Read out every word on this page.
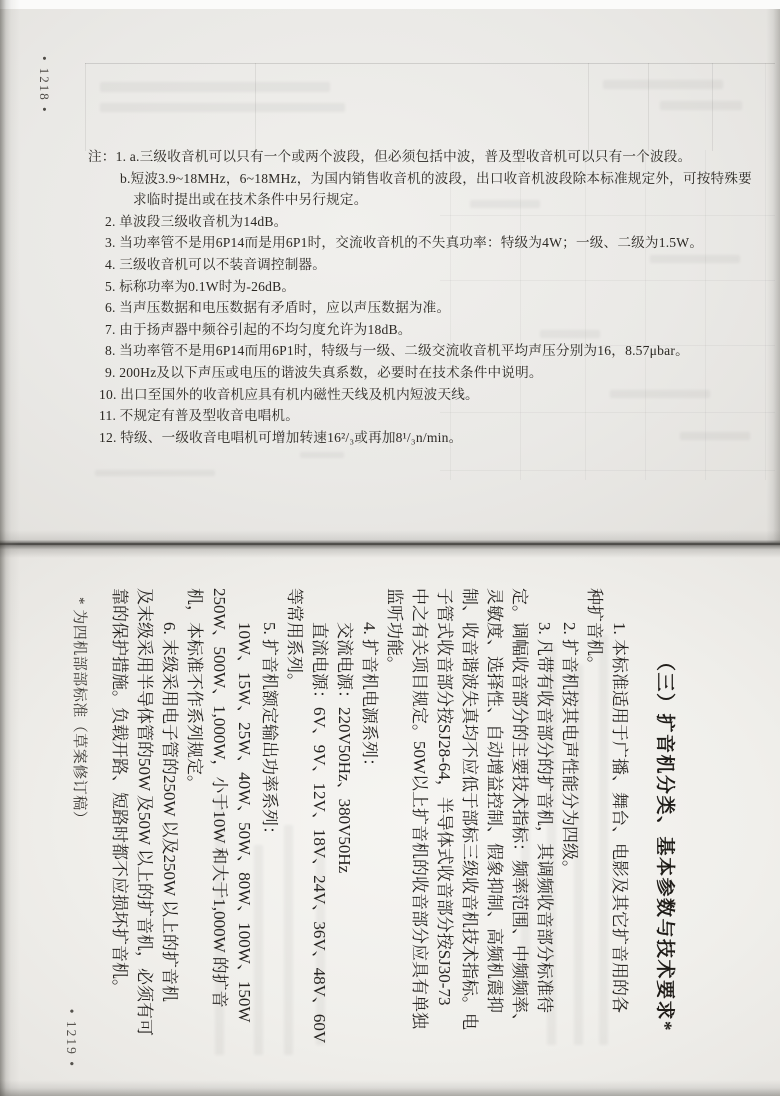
• 1218 •
注：1. a.三级收音机可以只有一个或两个波段，但必须包括中波，普及型收音机可以只有一个波段。
b.短波3.9~18MHz，6~18MHz，为国内销售收音机的波段，出口收音机波段除本标准规定外，可按特殊要
求临时提出或在技术条件中另行规定。
2. 单波段三级收音机为14dB。
3. 当功率管不是用6P14而是用6P1时，交流收音机的不失真功率：特级为4W；一级、二级为1.5W。
4. 三级收音机可以不装音调控制器。
5. 标称功率为0.1W时为-26dB。
6. 当声压数据和电压数据有矛盾时，应以声压数据为准。
7. 由于扬声器中频谷引起的不均匀度允许为18dB。
8. 当功率管不是用6P14而用6P1时，特级与一级、二级交流收音机平均声压分别为16，8.57μbar。
9. 200Hz及以下声压或电压的谐波失真系数，必要时在技术条件中说明。
10. 出口至国外的收音机应具有机内磁性天线及机内短波天线。
11. 不规定有普及型收音电唱机。
12. 特级、一级收音电唱机可增加转速16²/₃或再加8¹/₃n/min。
（三）扩音机分类、基本参数与技术要求*
1. 本标准适用于广播、舞台、电影及其它扩音用的各
种扩音机。
2. 扩音机按其电声性能分为四级。
3. 凡带有收音部分的扩音机，其调频收音部分标准待
定。调幅收音部分的主要技术指标：频率范围、中频频率、
灵敏度、选择性、自动增益控制、假象抑制、高频机震抑
制、收音谐波失真均不应低于部标三级收音机技术指标。电
子管式收音部分按SJ28-64，半导体式收音部分按SJ30-73
中之有关项目规定。50W以上扩音机的收音部分应具有单独
监听功能。
4. 扩音机电源系列：
交流电源：220V50Hz、380V50Hz
直流电源：6V、9V、12V、18V、24V、36V、48V、60V
等常用系列。
5. 扩音机额定输出功率系列：
10W、15W、25W、40W、50W、80W、100W、150W
250W、500W、1,000W，小于10W 和大于1,000W 的扩音
机，本标准不作系列规定。
6. 末级采用电子管的250W 以及250W 以上的扩音机
及末级采用半导体管的50W 及50W 以上的扩音机，必须有可
靠的保护措施。负载开路、短路时都不应损坏扩音机。
* 为四机部部标准（草案修订稿）
• 1219 •
